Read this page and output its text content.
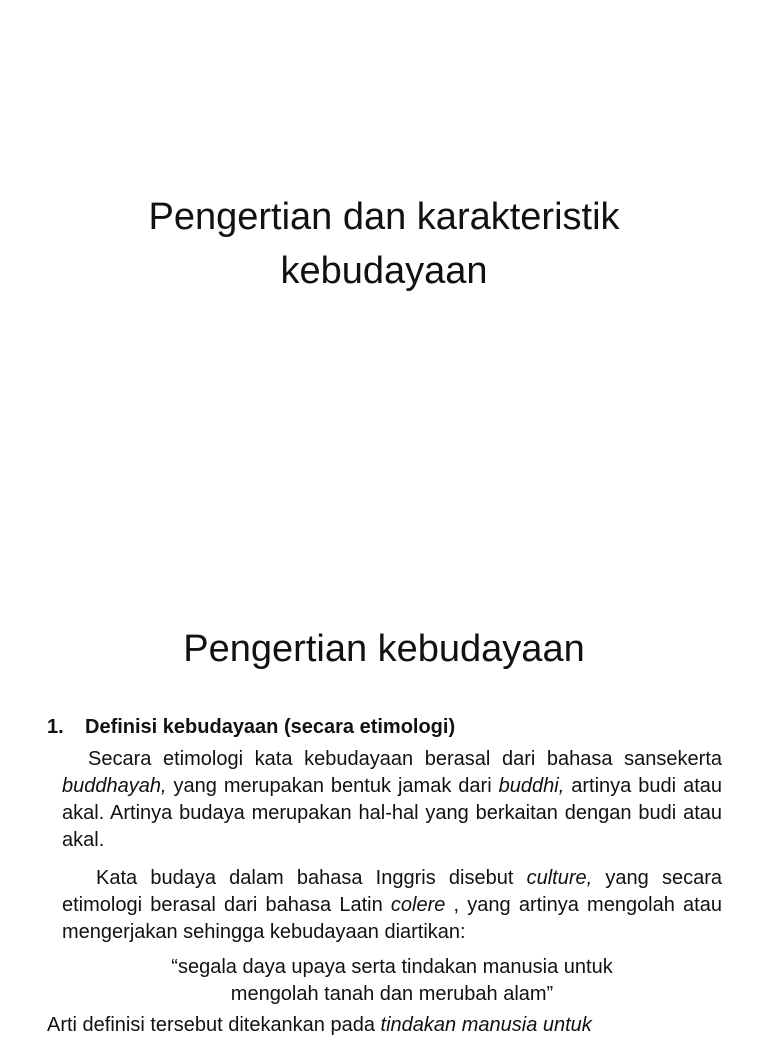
Pengertian dan karakteristik
kebudayaan
Pengertian kebudayaan

1. Definisi kebudayaan (secara etimologi)

Secara etimologi kata kebudayaan berasal dari bahasa sansekerta buddhayah, yang merupakan bentuk jamak dari buddhi, artinya budi atau akal. Artinya budaya merupakan hal-hal yang berkaitan dengan budi atau akal.

Kata budaya dalam bahasa Inggris disebut culture, yang secara etimologi berasal dari bahasa Latin colere , yang artinya mengolah atau mengerjakan sehingga kebudayaan diartikan:

“segala daya upaya serta tindakan manusia untuk
mengolah tanah dan merubah alam”

Arti definisi tersebut ditekankan pada tindakan manusia untuk
